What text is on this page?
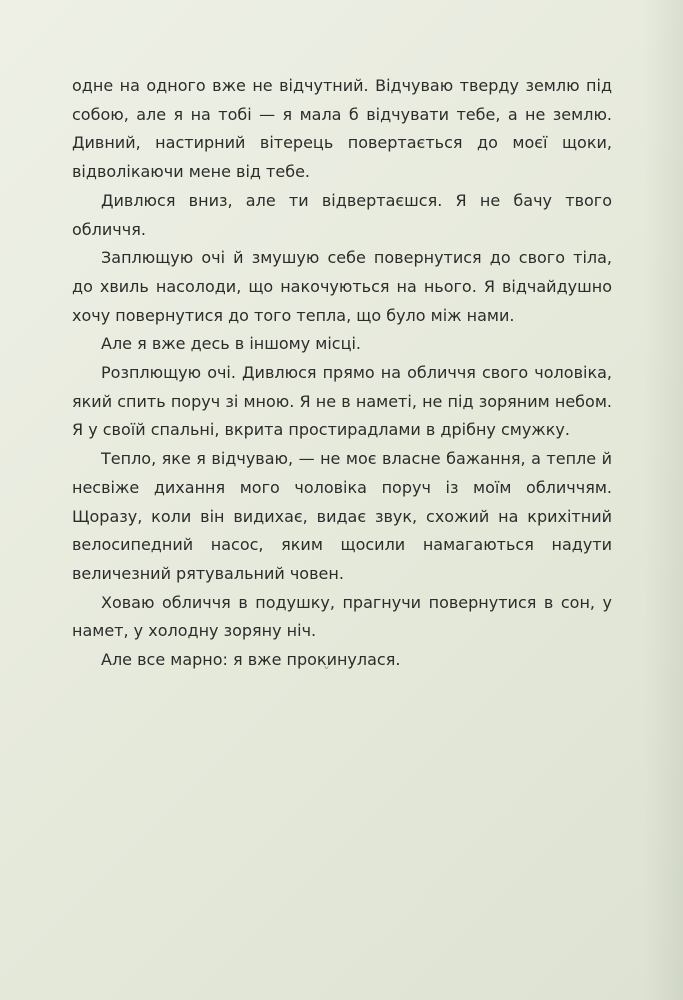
одне на одного вже не відчутний. Відчуваю тверду землю під собою, але я на тобі — я мала б відчувати тебе, а не землю. Дивний, настирний вітерець повертається до моєї щоки, відволікаючи мене від тебе.

Дивлюся вниз, але ти відвертаєшся. Я не бачу твого обличчя.

Заплющую очі й змушую себе повернутися до свого тіла, до хвиль насолоди, що накочуються на нього. Я відчайдушно хочу повернутися до того тепла, що було між нами.

Але я вже десь в іншому місці.

Розплющую очі. Дивлюся прямо на обличчя свого чоловіка, який спить поруч зі мною. Я не в наметі, не під зоряним небом. Я у своїй спальні, вкрита простирадлами в дрібну смужку.

Тепло, яке я відчуваю, — не моє власне бажання, а тепле й несвіже дихання мого чоловіка поруч із моїм обличчям. Щоразу, коли він видихає, видає звук, схожий на крихітний велосипедний насос, яким щосили намагаються надути величезний рятувальний човен.

Ховаю обличчя в подушку, прагнучи повернутися в сон, у намет, у холодну зоряну ніч.

Але все марно: я вже прокинулася.

ˇ
